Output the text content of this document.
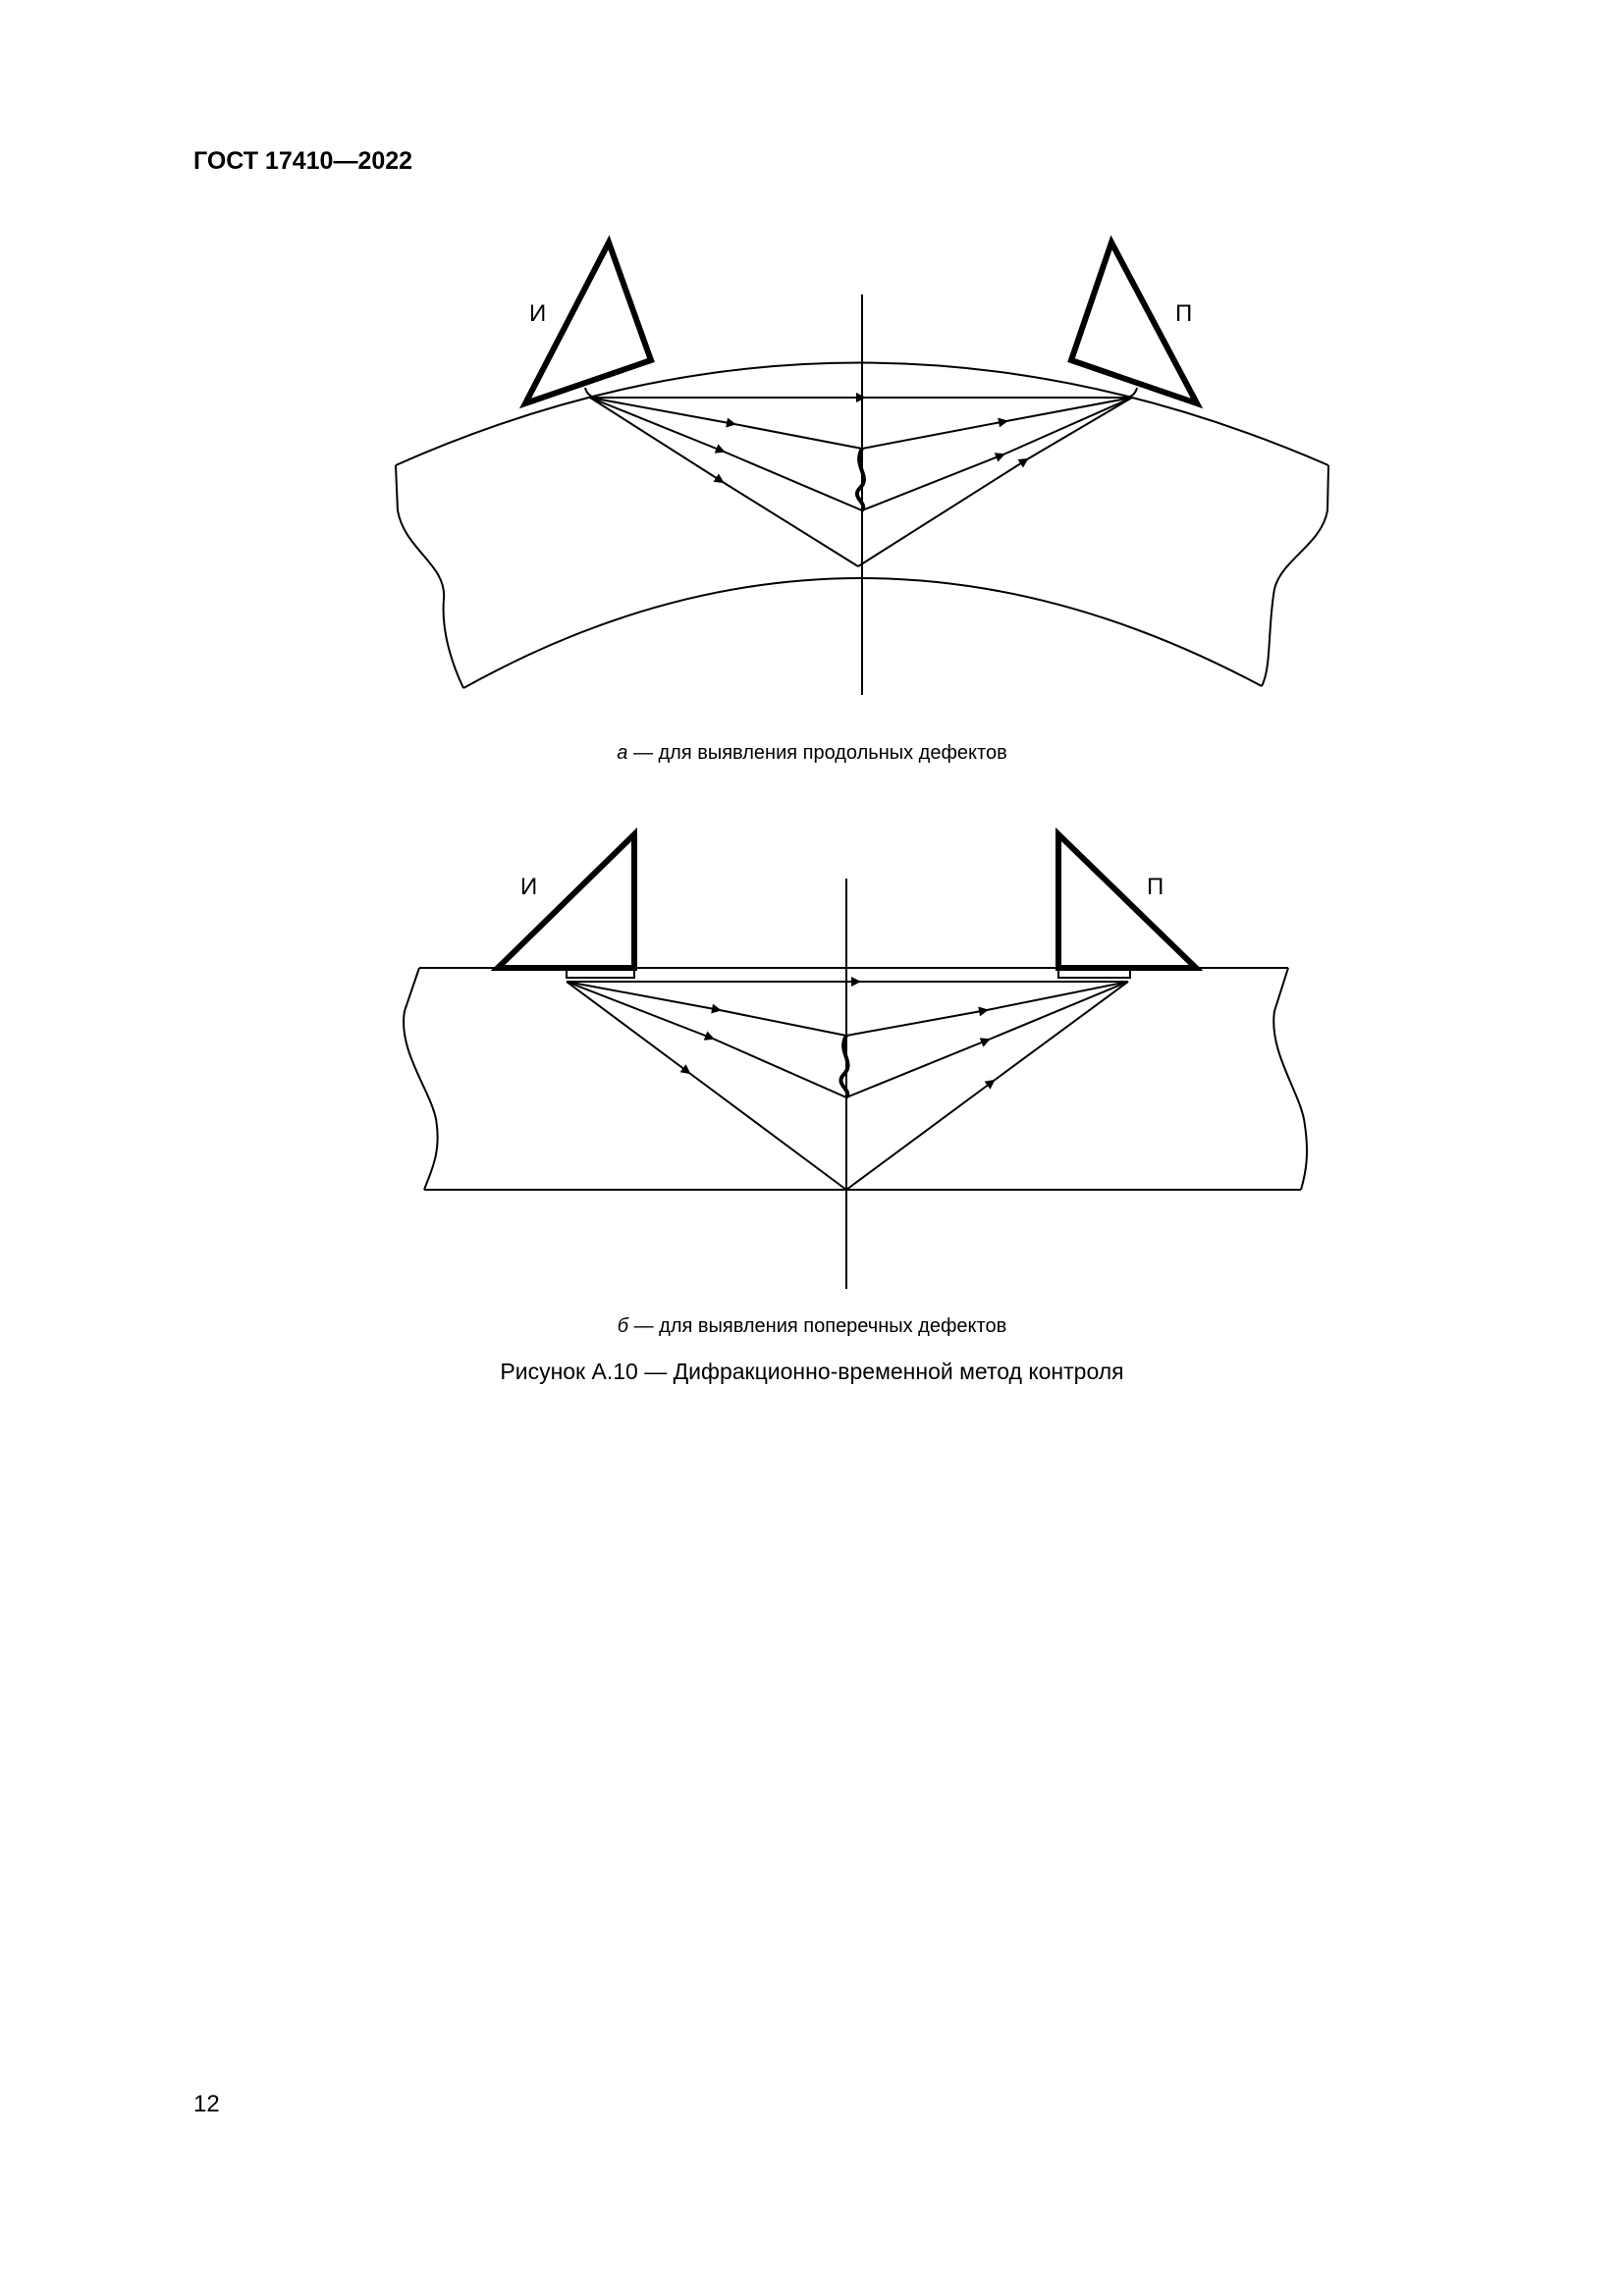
ГОСТ 17410—2022
И	П
И	П
а — для выявления продольных дефектов
б — для выявления поперечных дефектов
Рисунок А.10 — Дифракционно-временной метод контроля
12
